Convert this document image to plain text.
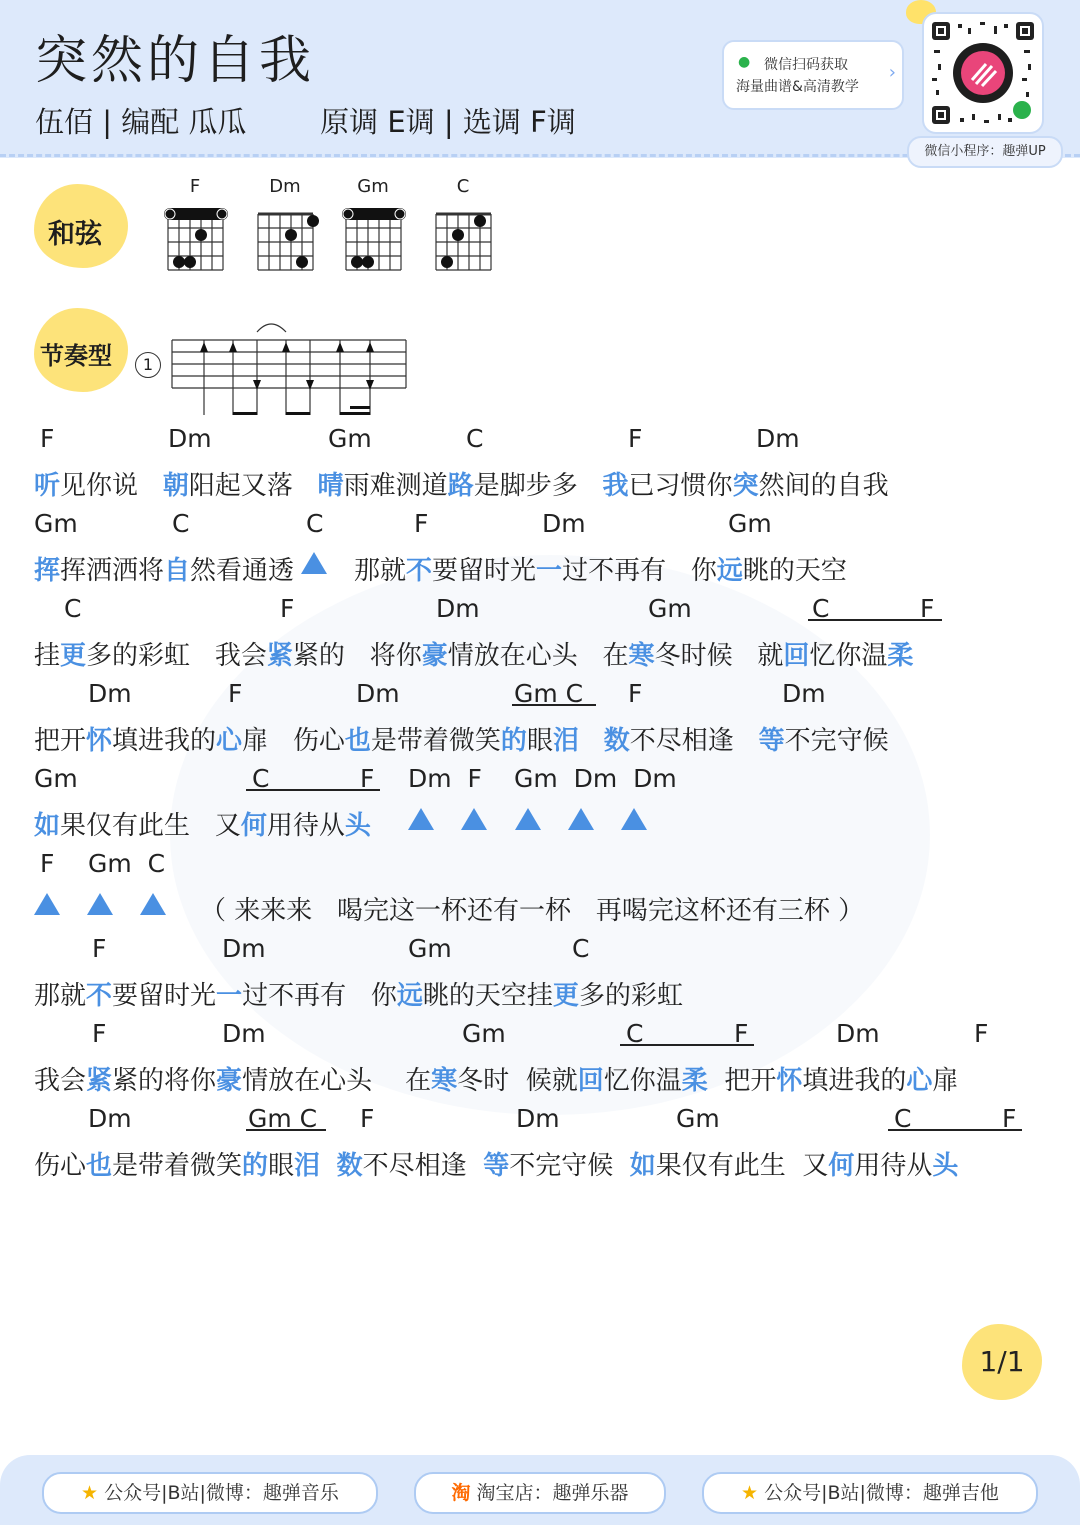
突然的自我
伍佰 | 编配 瓜瓜        原调 E调 | 选调 F调
● 微信扫码获取
海量曲谱&高清教学
›
微信小程序：趣弹UP
和弦
F	Dm	Gm	C
节奏型	1
F	Dm	Gm	C	F	Dm
听见你说 朝阳起又落 晴雨难测道路是脚步多 我已习惯你突然间的自我
Gm	C	C	F	Dm	Gm
挥挥洒洒将自然看通透 那就不要留时光一过不再有 你远眺的天空
C	F	Dm	Gm	C	F
挂更多的彩虹 我会紧紧的 将你豪情放在心头 在寒冬时候 就回忆你温柔
Dm	F	Dm	Gm C F	Dm
把开怀填进我的心扉 伤心也是带着微笑的眼泪 数不尽相逢 等不完守候
Gm	C	F Dm  F Gm  Dm  Dm
如果仅有此生 又何用待从头
F Gm  C
（ 来来来   喝完这一杯还有一杯   再喝完这杯还有三杯 ）
F	Dm	Gm	C
那就不要留时光一过不再有 你远眺的天空挂更多的彩虹
F	Dm	Gm	C	F	Dm	F
我会紧紧的将你豪情放在心头 在寒冬时 候就回忆你温柔 把开怀填进我的心扉
Dm	Gm C F	Dm	Gm	C	F
伤心也是带着微笑的眼泪 数不尽相逢 等不完守候 如果仅有此生 又何用待从头
1/1
★ 公众号|B站|微博：趣弹音乐	淘 淘宝店：趣弹乐器	★ 公众号|B站|微博：趣弹吉他
